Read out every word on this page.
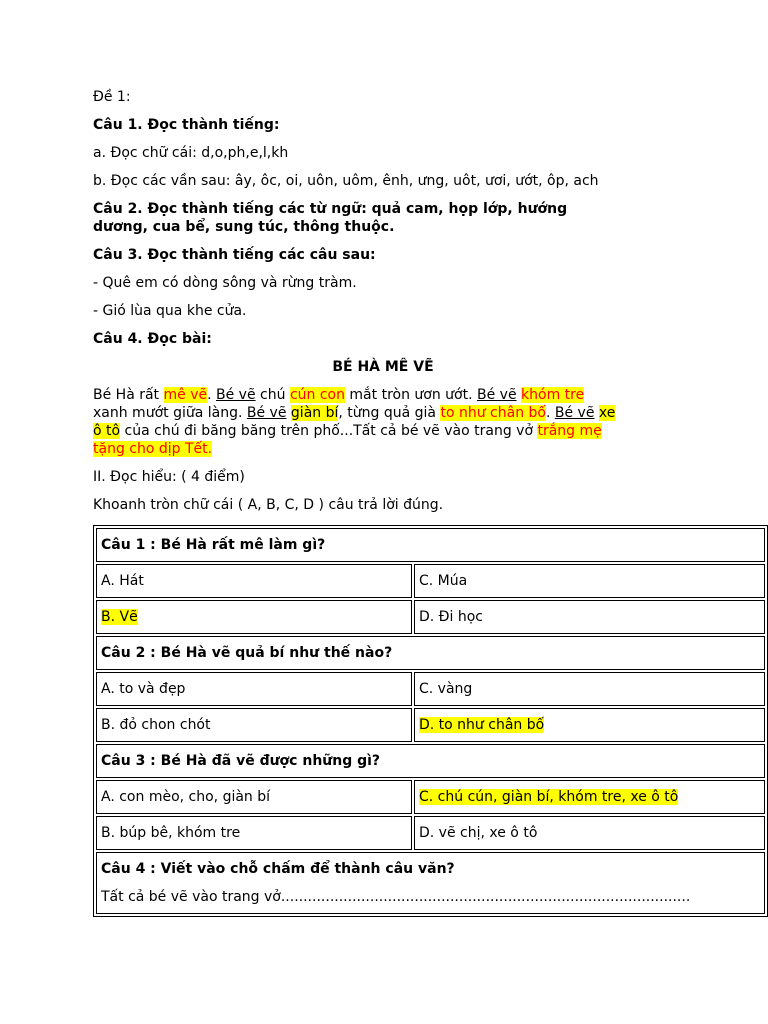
Đề 1:

Câu 1. Đọc thành tiếng:

a. Đọc chữ cái: d,o,ph,e,l,kh

b. Đọc các vần sau: ây, ôc, oi, uôn, uôm, ênh, ưng, uôt, ươi, ướt, ôp, ach

Câu 2. Đọc thành tiếng các từ ngữ: quả cam, họp lớp, hướng

dương, cua bể, sung túc, thông thuộc.

Câu 3. Đọc thành tiếng các câu sau:

- Quê em có dòng sông và rừng tràm.

- Gió lùa qua khe cửa.

Câu 4. Đọc bài:

BÉ HÀ MÊ VẼ

Bé Hà rất mê vẽ. Bé vẽ chú cún con mắt tròn ươn ướt. Bé vẽ khóm tre

xanh mướt giữa làng. Bé vẽ giàn bí, từng quả già to như chân bố. Bé vẽ xe

ô tô của chú đi băng băng trên phố...Tất cả bé vẽ vào trang vở trắng mẹ

tặng cho dịp Tết.

II. Đọc hiểu: ( 4 điểm)

Khoanh tròn chữ cái ( A, B, C, D ) câu trả lời đúng.

Câu 1 : Bé Hà rất mê làm gì?	
A. Hát	C. Múa
B. Vẽ	D. Đi học
Câu 2 : Bé Hà vẽ quả bí như thế nào?	
A. to và đẹp	C. vàng
B. đỏ chon chót	D. to như chân bố
Câu 3 : Bé Hà đã vẽ được những gì?	
A. con mèo, cho, giàn bí	C. chú cún, giàn bí, khóm tre, xe ô tô
B. búp bê, khóm tre	D. vẽ chị, xe ô tô

Câu 4 : Viết vào chỗ chấm để thành câu văn?
Tất cả bé vẽ vào trang vở............................................................................................	
